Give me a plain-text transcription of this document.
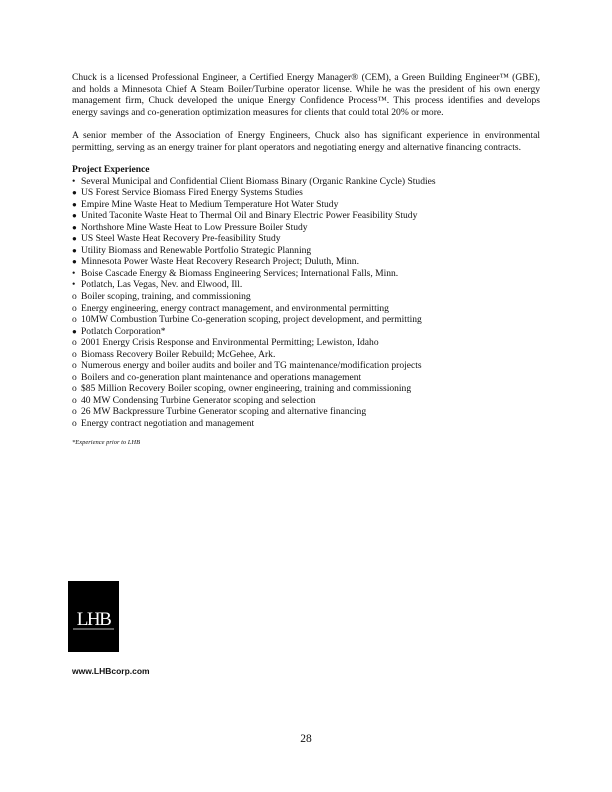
Chuck is a licensed Professional Engineer, a Certified Energy Manager® (CEM), a Green Building Engineer™ (GBE), and holds a Minnesota Chief A Steam Boiler/Turbine operator license. While he was the president of his own energy management firm, Chuck developed the unique Energy Confidence Process™. This process identifies and develops energy savings and co-generation optimization measures for clients that could total 20% or more.

A senior member of the Association of Energy Engineers, Chuck also has significant experience in environmental permitting, serving as an energy trainer for plant operators and negotiating energy and alternative financing contracts.

Project Experience
• Several Municipal and Confidential Client Biomass Binary (Organic Rankine Cycle) Studies
● US Forest Service Biomass Fired Energy Systems Studies
● Empire Mine Waste Heat to Medium Temperature Hot Water Study
● United Taconite Waste Heat to Thermal Oil and Binary Electric Power Feasibility Study
● Northshore Mine Waste Heat to Low Pressure Boiler Study
● US Steel Waste Heat Recovery Pre-feasibility Study
● Utility Biomass and Renewable Portfolio Strategic Planning
● Minnesota Power Waste Heat Recovery Research Project; Duluth, Minn.
• Boise Cascade Energy & Biomass Engineering Services; International Falls, Minn.
• Potlatch, Las Vegas, Nev. and Elwood, Ill.
o Boiler scoping, training, and commissioning
o Energy engineering, energy contract management, and environmental permitting
o 10MW Combustion Turbine Co-generation scoping, project development, and permitting
● Potlatch Corporation*
o 2001 Energy Crisis Response and Environmental Permitting; Lewiston, Idaho
o Biomass Recovery Boiler Rebuild; McGehee, Ark.
o Numerous energy and boiler audits and boiler and TG maintenance/modification projects
o Boilers and co-generation plant maintenance and operations management
o $85 Million Recovery Boiler scoping, owner engineering, training and commissioning
o 40 MW Condensing Turbine Generator scoping and selection
o 26 MW Backpressure Turbine Generator scoping and alternative financing
o Energy contract negotiation and management
*Experience prior to LHB
LHB
www.LHBcorp.com
28
